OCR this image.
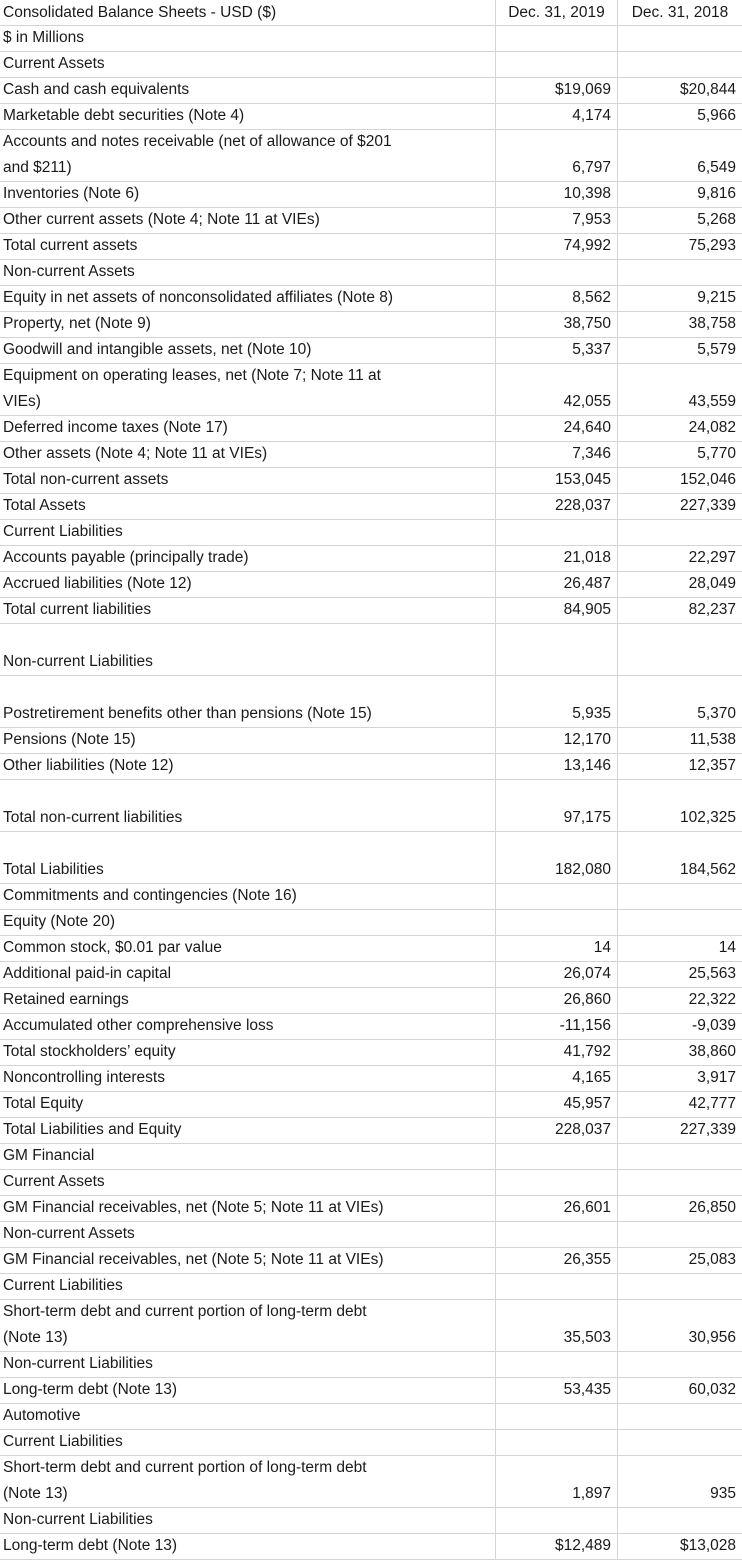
Consolidated Balance Sheets - USD ($)	Dec. 31, 2019	Dec. 31, 2018
$ in Millions
Current Assets
Cash and cash equivalents	$19,069	$20,844
Marketable debt securities (Note 4)	4,174	5,966
Accounts and notes receivable (net of allowance of $201
and $211)	6,797	6,549
Inventories (Note 6)	10,398	9,816
Other current assets (Note 4; Note 11 at VIEs)	7,953	5,268
Total current assets	74,992	75,293
Non-current Assets
Equity in net assets of nonconsolidated affiliates (Note 8)	8,562	9,215
Property, net (Note 9)	38,750	38,758
Goodwill and intangible assets, net (Note 10)	5,337	5,579
Equipment on operating leases, net (Note 7; Note 11 at
VIEs)	42,055	43,559
Deferred income taxes (Note 17)	24,640	24,082
Other assets (Note 4; Note 11 at VIEs)	7,346	5,770
Total non-current assets	153,045	152,046
Total Assets	228,037	227,339
Current Liabilities
Accounts payable (principally trade)	21,018	22,297
Accrued liabilities (Note 12)	26,487	28,049
Total current liabilities	84,905	82,237
Non-current Liabilities
Postretirement benefits other than pensions (Note 15)	5,935	5,370
Pensions (Note 15)	12,170	11,538
Other liabilities (Note 12)	13,146	12,357
Total non-current liabilities	97,175	102,325
Total Liabilities	182,080	184,562
Commitments and contingencies (Note 16)
Equity (Note 20)
Common stock, $0.01 par value	14	14
Additional paid-in capital	26,074	25,563
Retained earnings	26,860	22,322
Accumulated other comprehensive loss	-11,156	-9,039
Total stockholders’ equity	41,792	38,860
Noncontrolling interests	4,165	3,917
Total Equity	45,957	42,777
Total Liabilities and Equity	228,037	227,339
GM Financial
Current Assets
GM Financial receivables, net (Note 5; Note 11 at VIEs)	26,601	26,850
Non-current Assets
GM Financial receivables, net (Note 5; Note 11 at VIEs)	26,355	25,083
Current Liabilities
Short-term debt and current portion of long-term debt
(Note 13)	35,503	30,956
Non-current Liabilities
Long-term debt (Note 13)	53,435	60,032
Automotive
Current Liabilities
Short-term debt and current portion of long-term debt
(Note 13)	1,897	935
Non-current Liabilities
Long-term debt (Note 13)	$12,489	$13,028
